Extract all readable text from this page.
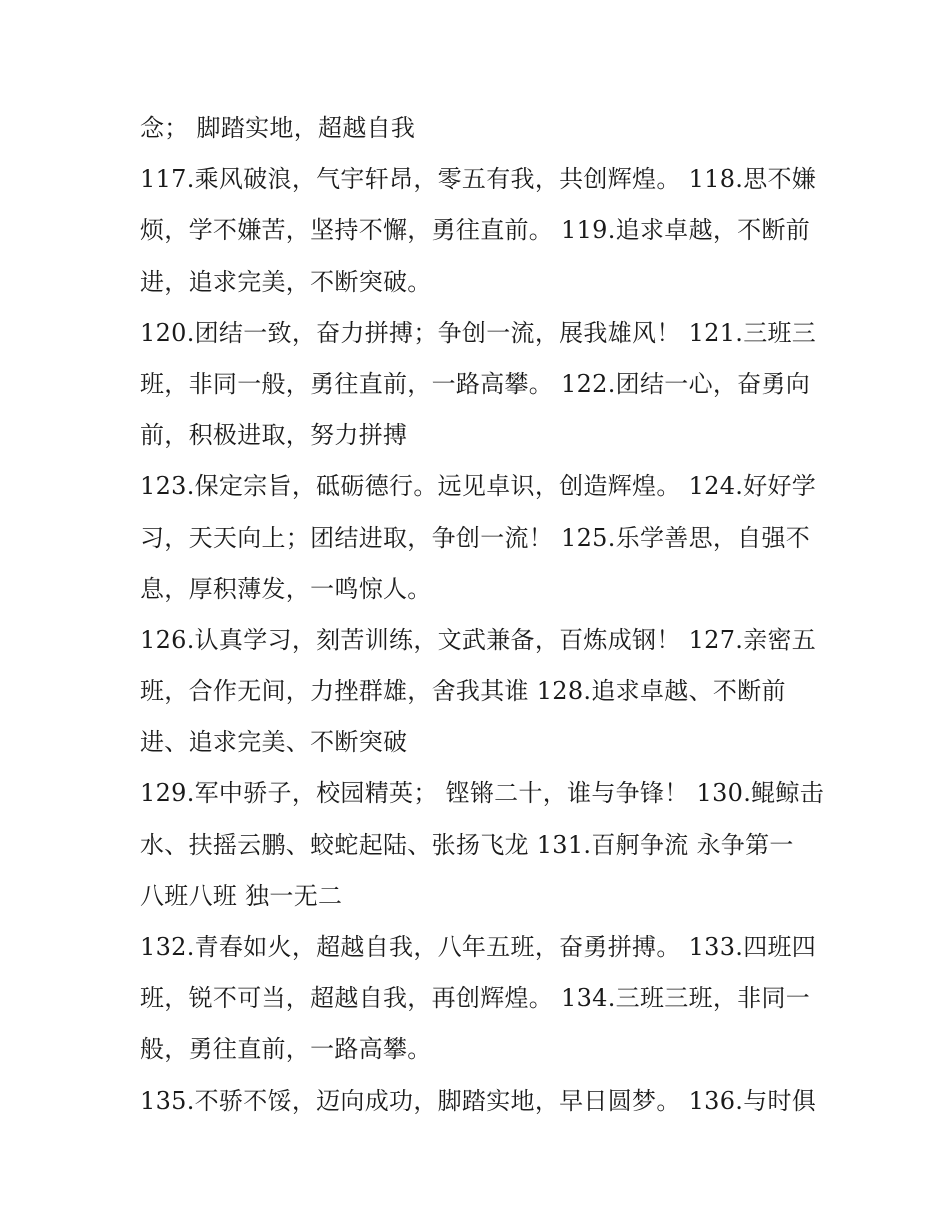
念； 脚踏实地，超越自我
117.乘风破浪，气宇轩昂，零五有我，共创辉煌。 118.思不嫌
烦，学不嫌苦，坚持不懈，勇往直前。 119.追求卓越，不断前
进，追求完美，不断突破。
120.团结一致，奋力拼搏；争创一流，展我雄风！ 121.三班三
班，非同一般，勇往直前，一路高攀。 122.团结一心，奋勇向
前，积极进取，努力拼搏
123.保定宗旨，砥砺德行。远见卓识，创造辉煌。 124.好好学
习，天天向上；团结进取，争创一流！ 125.乐学善思，自强不
息，厚积薄发，一鸣惊人。
126.认真学习，刻苦训练，文武兼备，百炼成钢！ 127.亲密五
班，合作无间，力挫群雄，舍我其谁 128.追求卓越、不断前
进、追求完美、不断突破
129.军中骄子，校园精英； 铿锵二十，谁与争锋！ 130.鲲鲸击
水、扶摇云鹏、蛟蛇起陆、张扬飞龙 131.百舸争流 永争第一
八班八班 独一无二
132.青春如火，超越自我，八年五班，奋勇拼搏。 133.四班四
班，锐不可当，超越自我，再创辉煌。 134.三班三班，非同一
般，勇往直前，一路高攀。
135.不骄不馁，迈向成功，脚踏实地，早日圆梦。 136.与时俱
